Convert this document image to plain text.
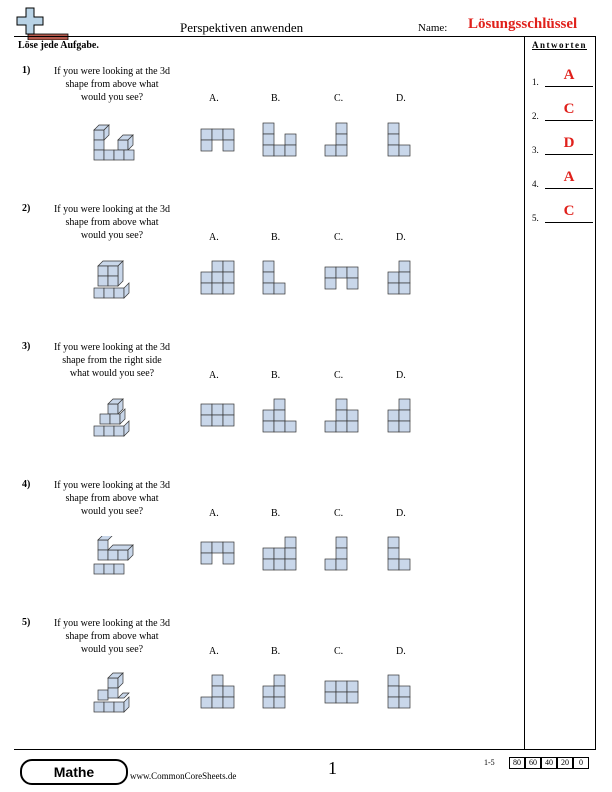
Perspektiven anwenden	Name: Lösungsschlüssel
Löse jede Aufgabe.	Antworten
1.	A
2.	C
3.	D
4.	A
5.	C
1)	If you were looking at the 3d
shape from above what
would you see?	A.	B.	C.	D.
2)	If you were looking at the 3d
shape from above what
would you see?	A.	B.	C.	D.
3)	If you were looking at the 3d
shape from the right side
what would you see?	A.	B.	C.	D.
4)	If you were looking at the 3d
shape from above what
would you see?	A.	B.	C.	D.
5)	If you were looking at the 3d
shape from above what
would you see?	A.	B.	C.	D.
Mathe	www.CommonCoreSheets.de	1	1-5	80	60	40	20	0
